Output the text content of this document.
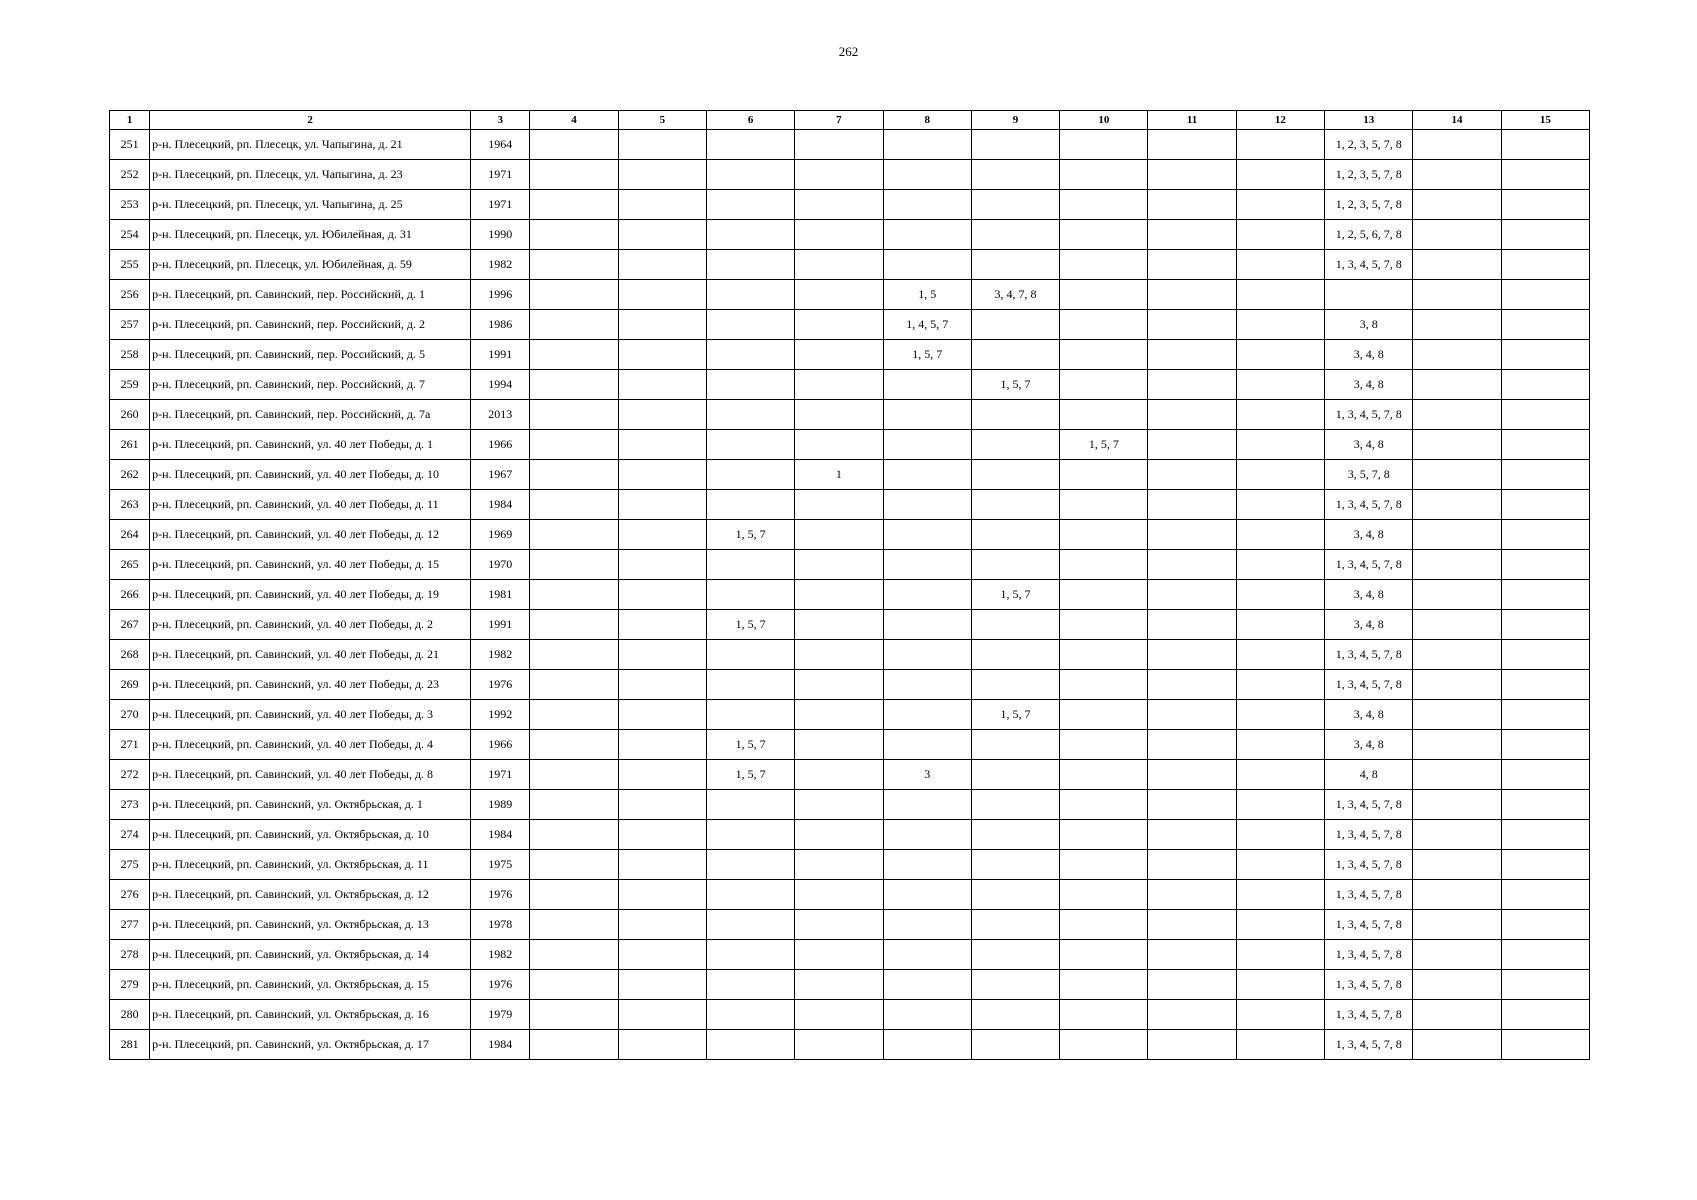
262
1	2	3	4	5	6	7	8	9	10	11	12	13	14	15
251	р-н. Плесецкий, рп. Плесецк, ул. Чапыгина, д. 21	1964										1, 2, 3, 5, 7, 8		
252	р-н. Плесецкий, рп. Плесецк, ул. Чапыгина, д. 23	1971										1, 2, 3, 5, 7, 8		
253	р-н. Плесецкий, рп. Плесецк, ул. Чапыгина, д. 25	1971										1, 2, 3, 5, 7, 8		
254	р-н. Плесецкий, рп. Плесецк, ул. Юбилейная, д. 31	1990										1, 2, 5, 6, 7, 8		
255	р-н. Плесецкий, рп. Плесецк, ул. Юбилейная, д. 59	1982										1, 3, 4, 5, 7, 8		
256	р-н. Плесецкий, рп. Савинский, пер. Российский, д. 1	1996					1, 5	3, 4, 7, 8						
257	р-н. Плесецкий, рп. Савинский, пер. Российский, д. 2	1986					1, 4, 5, 7					3, 8		
258	р-н. Плесецкий, рп. Савинский, пер. Российский, д. 5	1991					1, 5, 7					3, 4, 8		
259	р-н. Плесецкий, рп. Савинский, пер. Российский, д. 7	1994						1, 5, 7				3, 4, 8		
260	р-н. Плесецкий, рп. Савинский, пер. Российский, д. 7а	2013										1, 3, 4, 5, 7, 8		
261	р-н. Плесецкий, рп. Савинский, ул. 40 лет Победы, д. 1	1966							1, 5, 7			3, 4, 8		
262	р-н. Плесецкий, рп. Савинский, ул. 40 лет Победы, д. 10	1967				1						3, 5, 7, 8		
263	р-н. Плесецкий, рп. Савинский, ул. 40 лет Победы, д. 11	1984										1, 3, 4, 5, 7, 8		
264	р-н. Плесецкий, рп. Савинский, ул. 40 лет Победы, д. 12	1969			1, 5, 7							3, 4, 8		
265	р-н. Плесецкий, рп. Савинский, ул. 40 лет Победы, д. 15	1970										1, 3, 4, 5, 7, 8		
266	р-н. Плесецкий, рп. Савинский, ул. 40 лет Победы, д. 19	1981						1, 5, 7				3, 4, 8		
267	р-н. Плесецкий, рп. Савинский, ул. 40 лет Победы, д. 2	1991			1, 5, 7							3, 4, 8		
268	р-н. Плесецкий, рп. Савинский, ул. 40 лет Победы, д. 21	1982										1, 3, 4, 5, 7, 8		
269	р-н. Плесецкий, рп. Савинский, ул. 40 лет Победы, д. 23	1976										1, 3, 4, 5, 7, 8		
270	р-н. Плесецкий, рп. Савинский, ул. 40 лет Победы, д. 3	1992						1, 5, 7				3, 4, 8		
271	р-н. Плесецкий, рп. Савинский, ул. 40 лет Победы, д. 4	1966			1, 5, 7							3, 4, 8		
272	р-н. Плесецкий, рп. Савинский, ул. 40 лет Победы, д. 8	1971			1, 5, 7		3					4, 8		
273	р-н. Плесецкий, рп. Савинский, ул. Октябрьская, д. 1	1989										1, 3, 4, 5, 7, 8		
274	р-н. Плесецкий, рп. Савинский, ул. Октябрьская, д. 10	1984										1, 3, 4, 5, 7, 8		
275	р-н. Плесецкий, рп. Савинский, ул. Октябрьская, д. 11	1975										1, 3, 4, 5, 7, 8		
276	р-н. Плесецкий, рп. Савинский, ул. Октябрьская, д. 12	1976										1, 3, 4, 5, 7, 8		
277	р-н. Плесецкий, рп. Савинский, ул. Октябрьская, д. 13	1978										1, 3, 4, 5, 7, 8		
278	р-н. Плесецкий, рп. Савинский, ул. Октябрьская, д. 14	1982										1, 3, 4, 5, 7, 8		
279	р-н. Плесецкий, рп. Савинский, ул. Октябрьская, д. 15	1976										1, 3, 4, 5, 7, 8		
280	р-н. Плесецкий, рп. Савинский, ул. Октябрьская, д. 16	1979										1, 3, 4, 5, 7, 8		
281	р-н. Плесецкий, рп. Савинский, ул. Октябрьская, д. 17	1984										1, 3, 4, 5, 7, 8		
